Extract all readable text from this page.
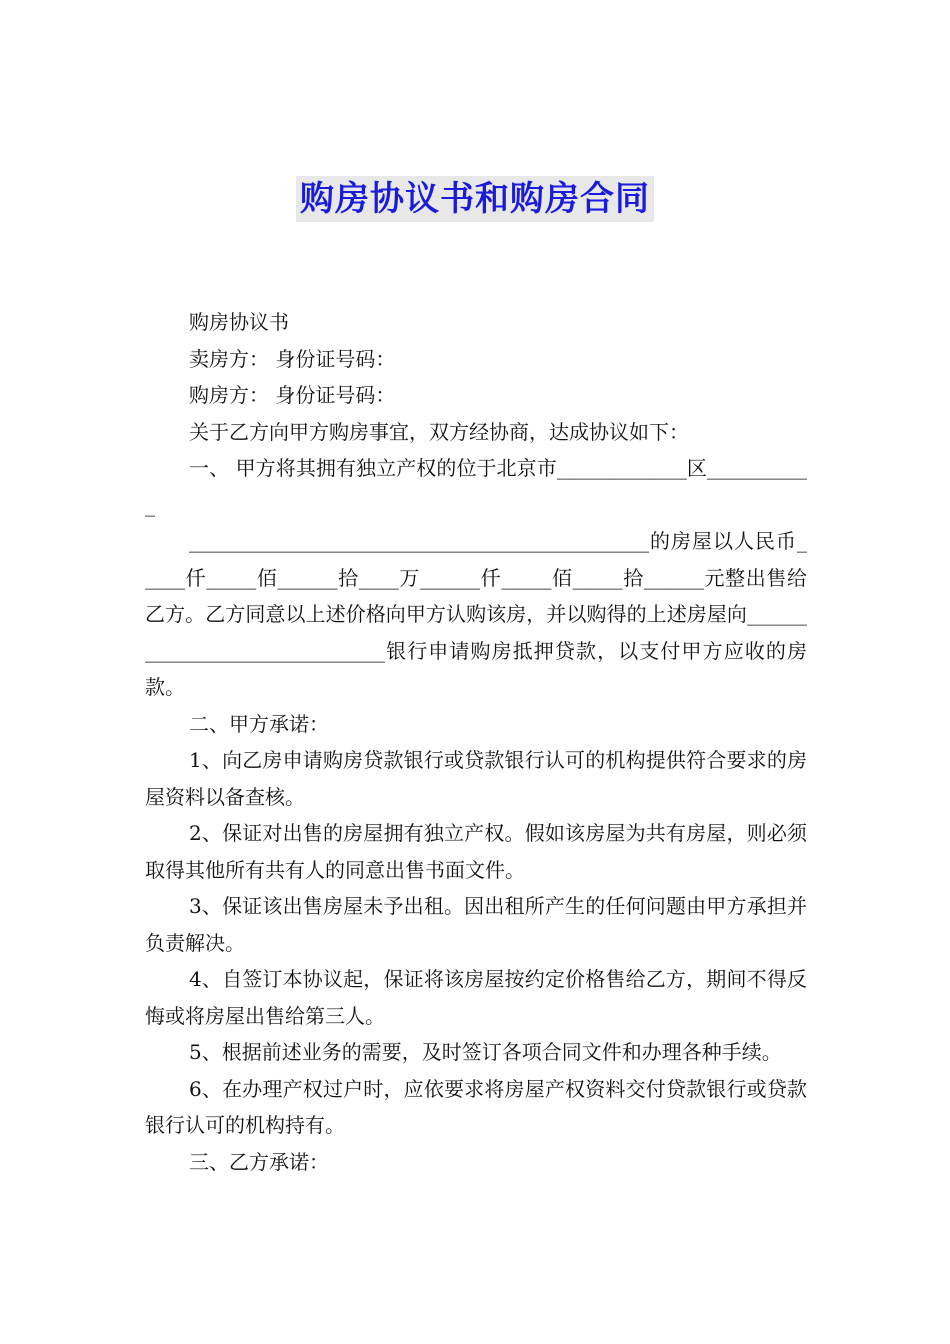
购房协议书和购房合同

购房协议书

卖房方： 身份证号码：

购房方： 身份证号码：

关于乙方向甲方购房事宜，双方经协商，达成协议如下：

一、 甲方将其拥有独立产权的位于北京市_____________区___________

______________________________________________的房屋以人民币_____仟_____佰______拾____万______仟_____佰_____拾______元整出售给乙方。乙方同意以上述价格向甲方认购该房，并以购得的上述房屋向______________________________银行申请购房抵押贷款，以支付甲方应收的房款。

二、甲方承诺：

1、向乙房申请购房贷款银行或贷款银行认可的机构提供符合要求的房屋资料以备查核。

2、保证对出售的房屋拥有独立产权。假如该房屋为共有房屋，则必须取得其他所有共有人的同意出售书面文件。

3、保证该出售房屋未予出租。因出租所产生的任何问题由甲方承担并负责解决。

4、自签订本协议起，保证将该房屋按约定价格售给乙方，期间不得反悔或将房屋出售给第三人。

5、根据前述业务的需要，及时签订各项合同文件和办理各种手续。

6、在办理产权过户时，应依要求将房屋产权资料交付贷款银行或贷款银行认可的机构持有。

三、乙方承诺：
